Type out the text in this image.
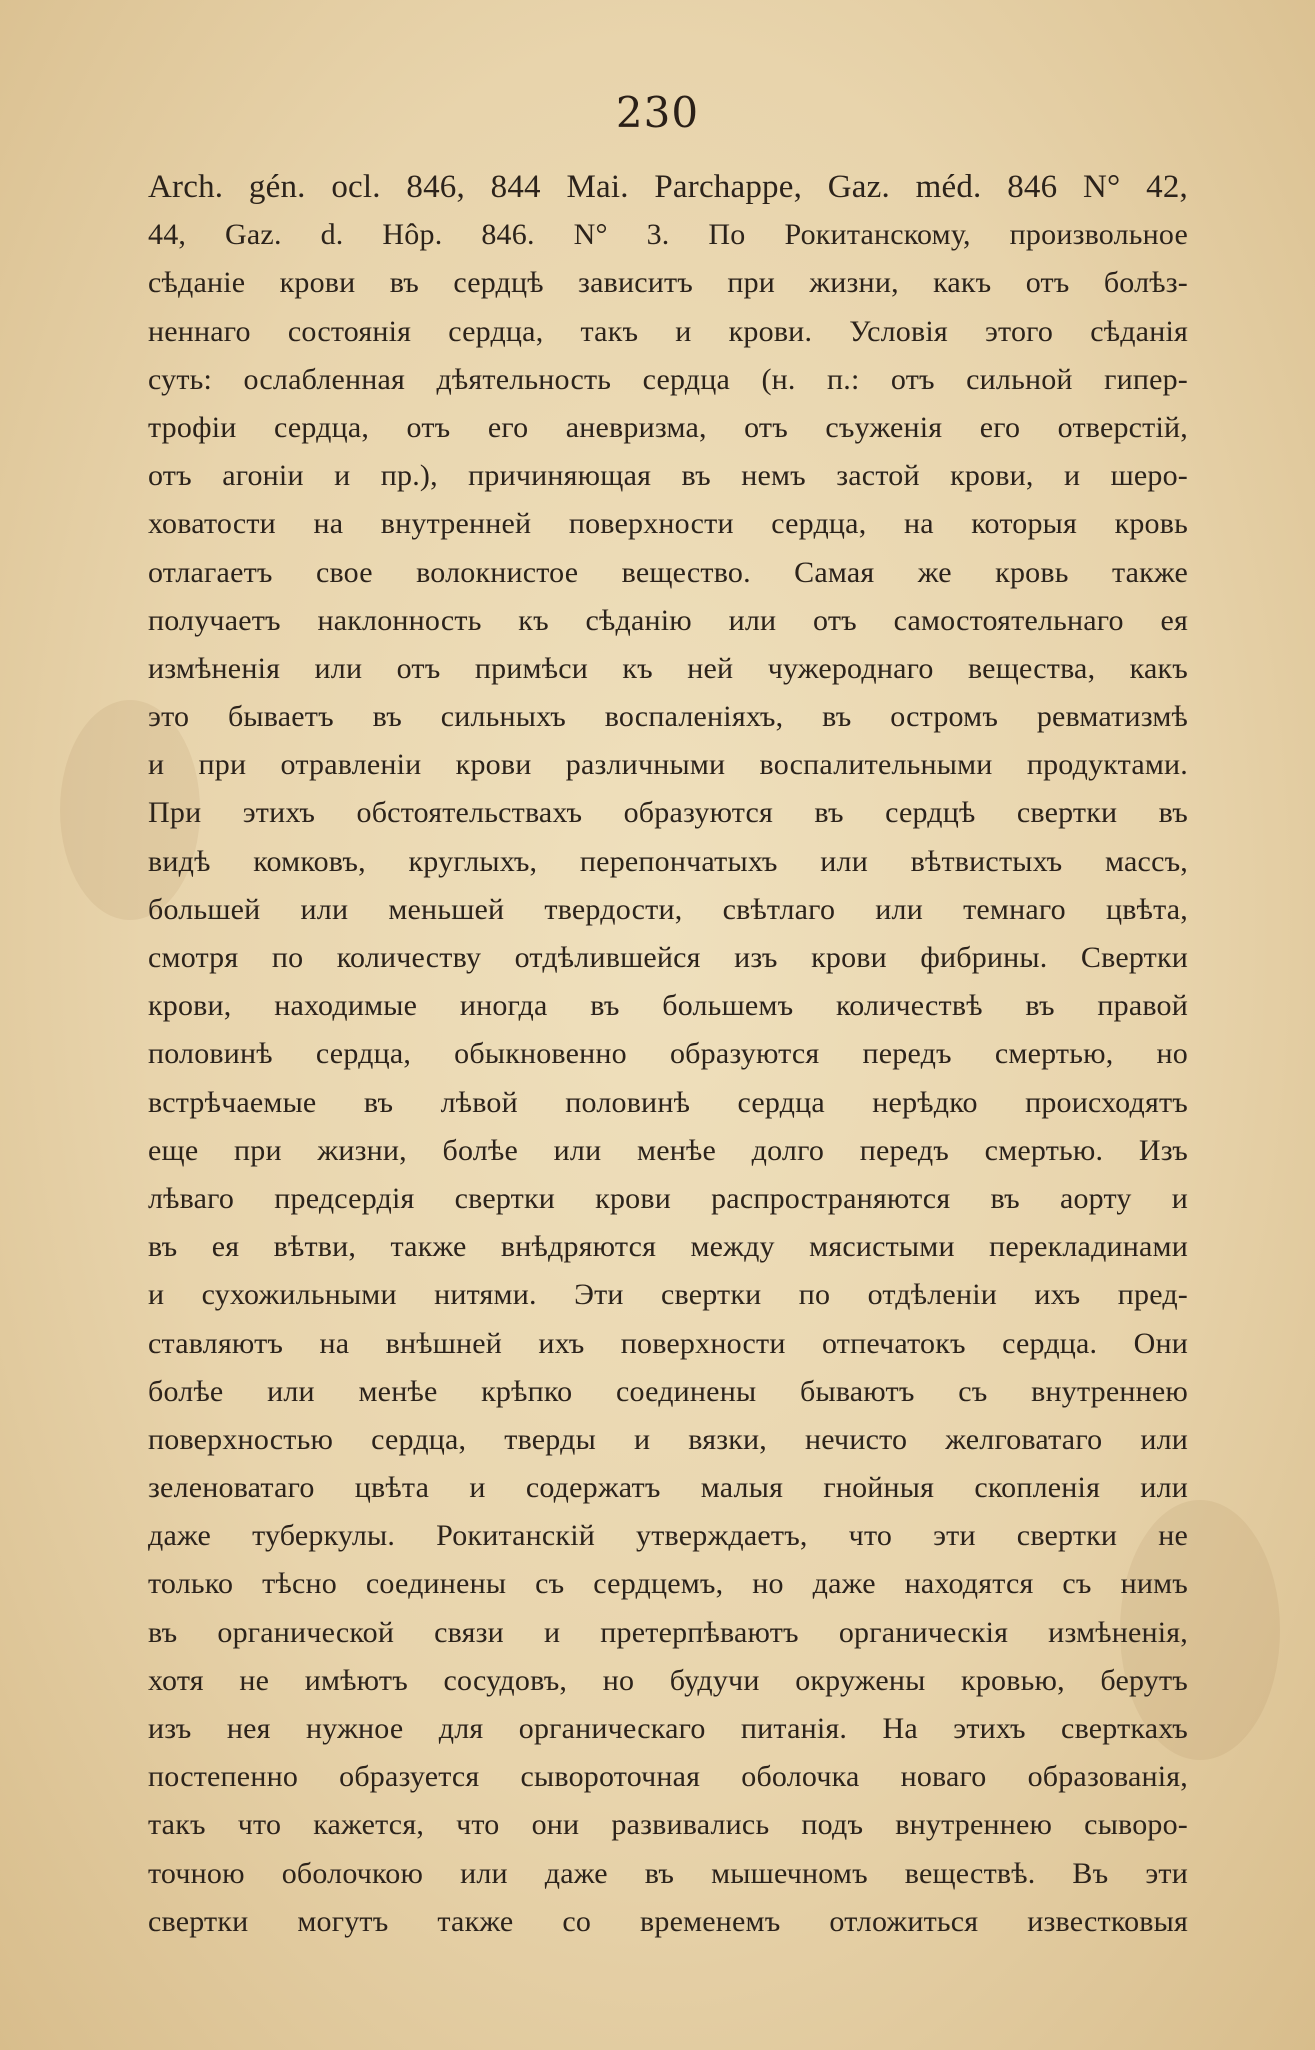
230
Arch. gén. ocl. 846, 844 Mai. Parchappe, Gaz. méd. 846 N° 42,
44, Gaz. d. Hôp. 846. N° 3. По Рокитанскому, произвольное
сѣданіе крови въ сердцѣ зависитъ при жизни, какъ отъ болѣз-
неннаго состоянія сердца, такъ и крови. Условія этого сѣданія
суть: ослабленная дѣятельность сердца (н. п.: отъ сильной гипер-
трофіи сердца, отъ его аневризма, отъ съуженія его отверстій,
отъ агоніи и пр.), причиняющая въ немъ застой крови, и шеро-
ховатости на внутренней поверхности сердца, на которыя кровь
отлагаетъ свое волокнистое вещество. Самая же кровь также
получаетъ наклонность къ сѣданію или отъ самостоятельнаго ея
измѣненія или отъ примѣси къ ней чужероднаго вещества, какъ
это бываетъ въ сильныхъ воспаленіяхъ, въ остромъ ревматизмѣ
и при отравленіи крови различными воспалительными продуктами.
При этихъ обстоятельствахъ образуются въ сердцѣ свертки въ
видѣ комковъ, круглыхъ, перепончатыхъ или вѣтвистыхъ массъ,
большей или меньшей твердости, свѣтлаго или темнаго цвѣта,
смотря по количеству отдѣлившейся изъ крови фибрины. Свертки
крови, находимые иногда въ большемъ количествѣ въ правой
половинѣ сердца, обыкновенно образуются передъ смертью, но
встрѣчаемые въ лѣвой половинѣ сердца нерѣдко происходятъ
еще при жизни, болѣе или менѣе долго передъ смертью. Изъ
лѣваго предсердія свертки крови распространяются въ аорту и
въ ея вѣтви, также внѣдряются между мясистыми перекладинами
и сухожильными нитями. Эти свертки по отдѣленіи ихъ пред-
ставляютъ на внѣшней ихъ поверхности отпечатокъ сердца. Они
болѣе или менѣе крѣпко соединены бываютъ съ внутреннею
поверхностью сердца, тверды и вязки, нечисто желговатаго или
зеленоватаго цвѣта и содержатъ малыя гнойныя скопленія или
даже туберкулы. Рокитанскій утверждаетъ, что эти свертки не
только тѣсно соединены съ сердцемъ, но даже находятся съ нимъ
въ органической связи и претерпѣваютъ органическія измѣненія,
хотя не имѣютъ сосудовъ, но будучи окружены кровью, берутъ
изъ нея нужное для органическаго питанія. На этихъ сверткахъ
постепенно образуется сывороточная оболочка новаго образованія,
такъ что кажется, что они развивались подъ внутреннею сыворо-
точною оболочкою или даже въ мышечномъ веществѣ. Въ эти
свертки могутъ также со временемъ отложиться известковыя
